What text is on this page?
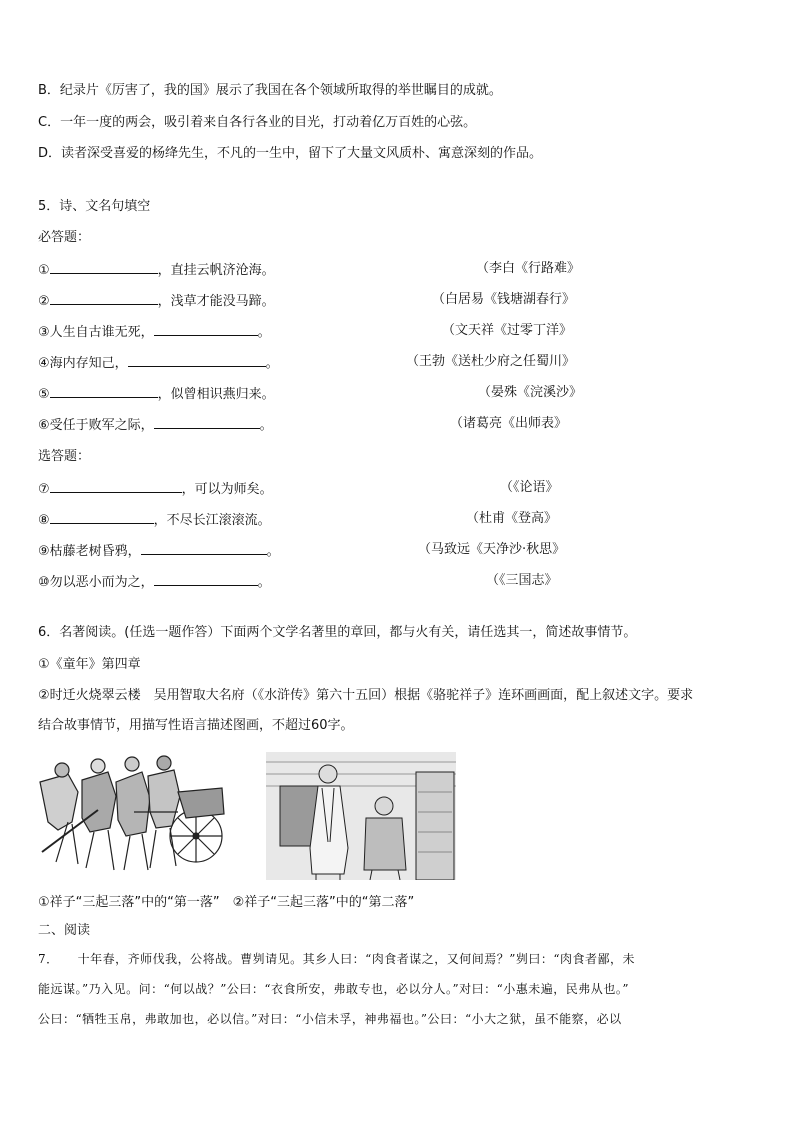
B．纪录片《厉害了，我的国》展示了我国在各个领域所取得的举世瞩目的成就。
C．一年一度的两会，吸引着来自各行各业的目光，打动着亿万百姓的心弦。
D．读者深受喜爱的杨绛先生，不凡的一生中，留下了大量文风质朴、寓意深刻的作品。
5．诗、文名句填空
必答题：
①	，直挂云帆济沧海。	（李白《行路难》
②	，浅草才能没马蹄。	（白居易《钱塘湖春行》
③人生自古谁无死，	。	（文天祥《过零丁洋》
④海内存知己，	。	（王勃《送杜少府之任蜀川》
⑤	，似曾相识燕归来。	（晏殊《浣溪沙》
⑥受任于败军之际，	。	（诸葛亮《出师表》
选答题：
⑦	，可以为师矣。	（《论语》
⑧	，不尽长江滚滚流。	（杜甫《登高》
⑨枯藤老树昏鸦，	。	（马致远《天净沙·秋思》
⑩勿以恶小而为之，	。	（《三国志》
6．名著阅读。(任选一题作答）下面两个文学名著里的章回，都与火有关，请任选其一，简述故事情节。
①《童年》第四章
②时迁火烧翠云楼　吴用智取大名府（《水浒传》第六十五回）根据《骆驼祥子》连环画画面，配上叙述文字。要求
结合故事情节，用描写性语言描述图画，不超过60字。
①祥子“三起三落”中的“第一落”　②祥子“三起三落”中的“第二落”
二、阅读
7．　　十年春，齐师伐我，公将战。曹刿请见。其乡人曰：“肉食者谋之，又何间焉？”刿曰：“肉食者鄙，未
能远谋。”乃入见。问：“何以战？”公曰：“衣食所安，弗敢专也，必以分人。”对曰：“小惠未遍，民弗从也。”
公曰：“牺牲玉帛，弗敢加也，必以信。”对曰：“小信未孚，神弗福也。”公曰：“小大之狱，虽不能察，必以
